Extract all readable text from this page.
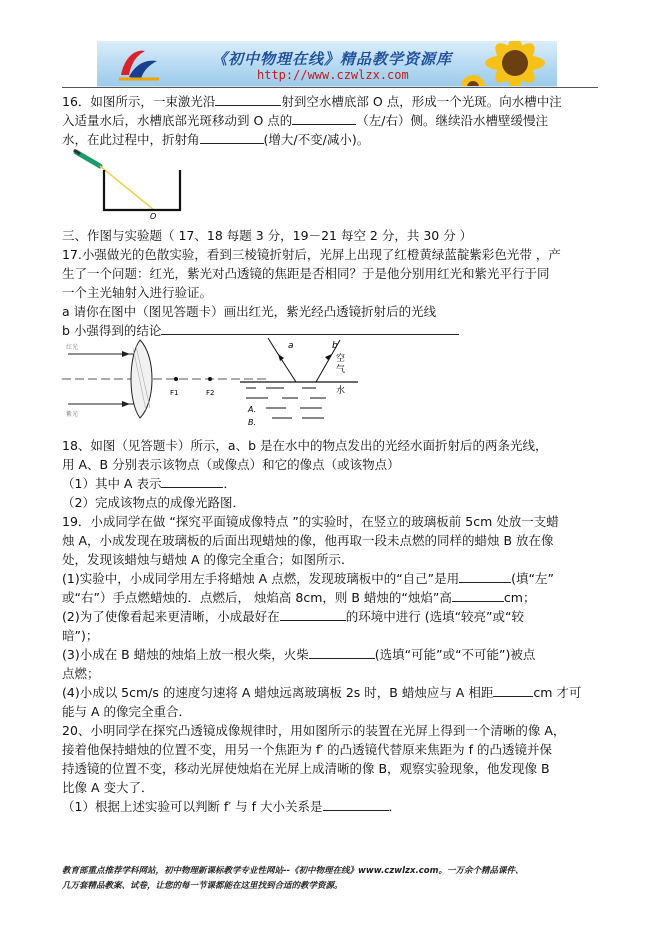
《初中物理在线》精品教学资源库
http://www.czwlzx.com
16．如图所示，一束激光沿	射到空水槽底部 O 点，形成一个光斑。向水槽中注
入适量水后，水槽底部光斑移动到 O 点的	（左/右）侧。继续沿水槽壁缓慢注
水，在此过程中，折射角	(增大/不变/减小)。
O
三、作图与实验题（ 17、18 每题 3 分，19－21 每空 2 分，共 30 分 ）
17.小强做光的色散实验，看到三棱镜折射后，光屏上出现了红橙黄绿蓝靛紫彩色光带 ，产
生了一个问题：红光，紫光对凸透镜的焦距是否相同？于是他分别用红光和紫光平行于同
一个主光轴射入进行验证。
a 请你在图中（图见答题卡）画出红光，紫光经凸透镜折射后的光线
b 小强得到的结论
红光
紫光
F1	F2
a	b
空
气
水
A.
B.
18、如图（见答题卡）所示，a、b 是在水中的物点发出的光经水面折射后的两条光线，
用 A、B 分别表示该物点（或像点）和它的像点（或该物点）
（1）其中 A 表示	．
（2）完成该物点的成像光路图．
19．小成同学在做 “探究平面镜成像特点 ”的实验时，在竖立的玻璃板前 5cm 处放一支蜡
烛 A，小成发现在玻璃板的后面出现蜡烛的像，他再取一段未点燃的同样的蜡烛 B 放在像
处，发现该蜡烛与蜡烛 A 的像完全重合；如图所示．
(1)实验中，小成同学用左手将蜡烛 A 点燃，发现玻璃板中的“自己”是用	(填“左”
或“右”）手点燃蜡烛的．点燃后， 烛焰高 8cm，则 B 蜡烛的“烛焰”高	cm；
(2)为了使像看起来更清晰，小成最好在	的环境中进行 (选填“较亮”或“较
暗”)；
(3)小成在 B 蜡烛的烛焰上放一根火柴，火柴	(选填“可能”或“不可能”)被点
点燃；
(4)小成以 5cm/s 的速度匀速将 A 蜡烛远离玻璃板 2s 时，B 蜡烛应与 A 相距	cm 才可
能与 A 的像完全重合．
20、小明同学在探究凸透镜成像规律时，用如图所示的装置在光屏上得到一个清晰的像 A，
接着他保持蜡烛的位置不变，用另一个焦距为 f′ 的凸透镜代替原来焦距为 f 的凸透镜并保
持透镜的位置不变，移动光屏使烛焰在光屏上成清晰的像 B，观察实验现象，他发现像 B
比像 A 变大了．
（1）根据上述实验可以判断 f′ 与 f 大小关系是	．
教育部重点推荐学科网站，初中物理新课标教学专业性网站--《初中物理在线》www.czwlzx.com。一万余个精品课件、
几万套精品教案、试卷，让您的每一节课都能在这里找到合适的教学资源。
